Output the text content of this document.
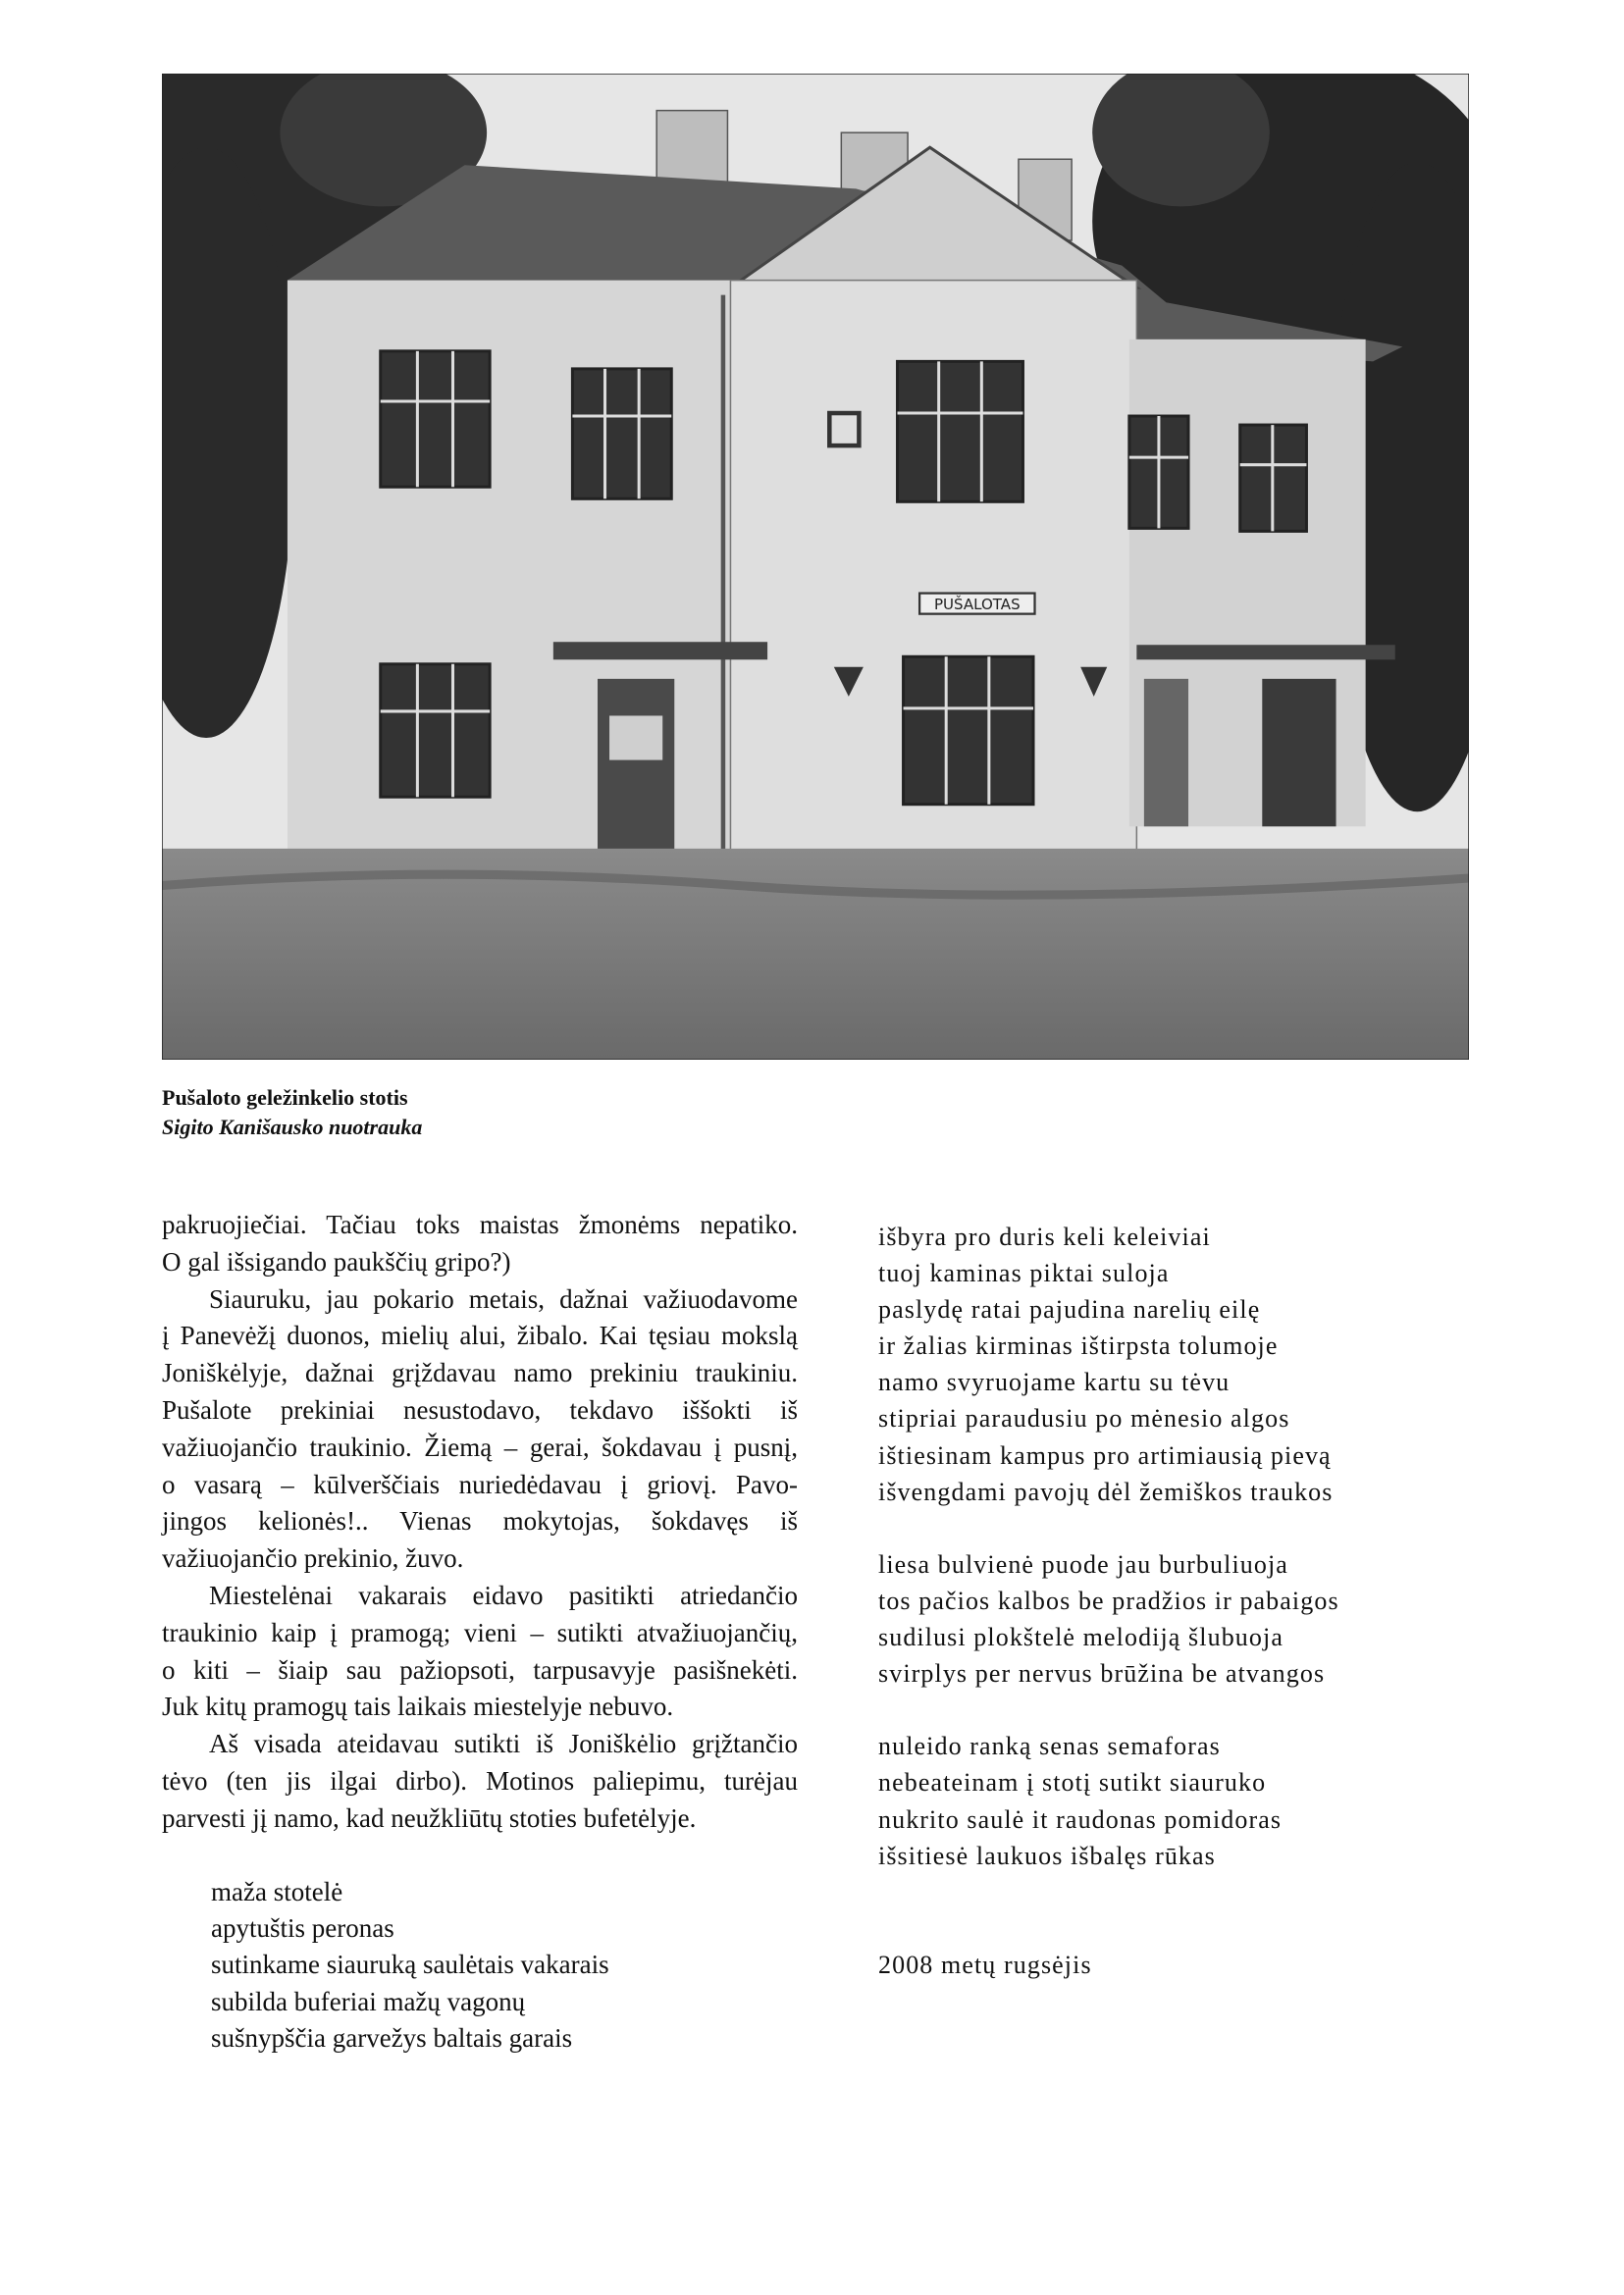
PUŠALOTAS
Pušaloto geležinkelio stotis
Sigito Kanišausko nuotrauka
pakruojiečiai. Tačiau toks maistas žmonėms nepatiko.
O gal išsigando paukščių gripo?)
Siauruku, jau pokario metais, dažnai važiuodavome
į Panevėžį duonos, mielių alui, žibalo. Kai tęsiau mokslą
Joniškėlyje, dažnai grįždavau namo prekiniu traukiniu.
Pušalote prekiniai nesustodavo, tekdavo iššokti iš
važiuojančio traukinio. Žiemą – gerai, šokdavau į pusnį,
o vasarą – kūlverščiais nuriedėdavau į griovį. Pavo-
jingos kelionės!.. Vienas mokytojas, šokdavęs iš
važiuojančio prekinio, žuvo.
Miestelėnai vakarais eidavo pasitikti atriedančio
traukinio kaip į pramogą; vieni – sutikti atvažiuojančių,
o kiti – šiaip sau pažiopsoti, tarpusavyje pasišnekėti.
Juk kitų pramogų tais laikais miestelyje nebuvo.
Aš visada ateidavau sutikti iš Joniškėlio grįžtančio
tėvo (ten jis ilgai dirbo). Motinos paliepimu, turėjau
parvesti jį namo, kad neužkliūtų stoties bufetėlyje.
maža stotelė
apytuštis peronas
sutinkame siauruką saulėtais vakarais
subilda buferiai mažų vagonų
sušnypščia garvežys baltais garais
išbyra pro duris keli keleiviai
tuoj kaminas piktai suloja
paslydę ratai pajudina narelių eilę
ir žalias kirminas ištirpsta tolumoje
namo svyruojame kartu su tėvu
stipriai paraudusiu po mėnesio algos
ištiesinam kampus pro artimiausią pievą
išvengdami pavojų dėl žemiškos traukos
liesa bulvienė puode jau burbuliuoja
tos pačios kalbos be pradžios ir pabaigos
sudilusi plokštelė melodiją šlubuoja
svirplys per nervus brūžina be atvangos
nuleido ranką senas semaforas
nebeateinam į stotį sutikt siauruko
nukrito saulė it raudonas pomidoras
išsitiesė laukuos išbalęs rūkas
2008 metų rugsėjis
